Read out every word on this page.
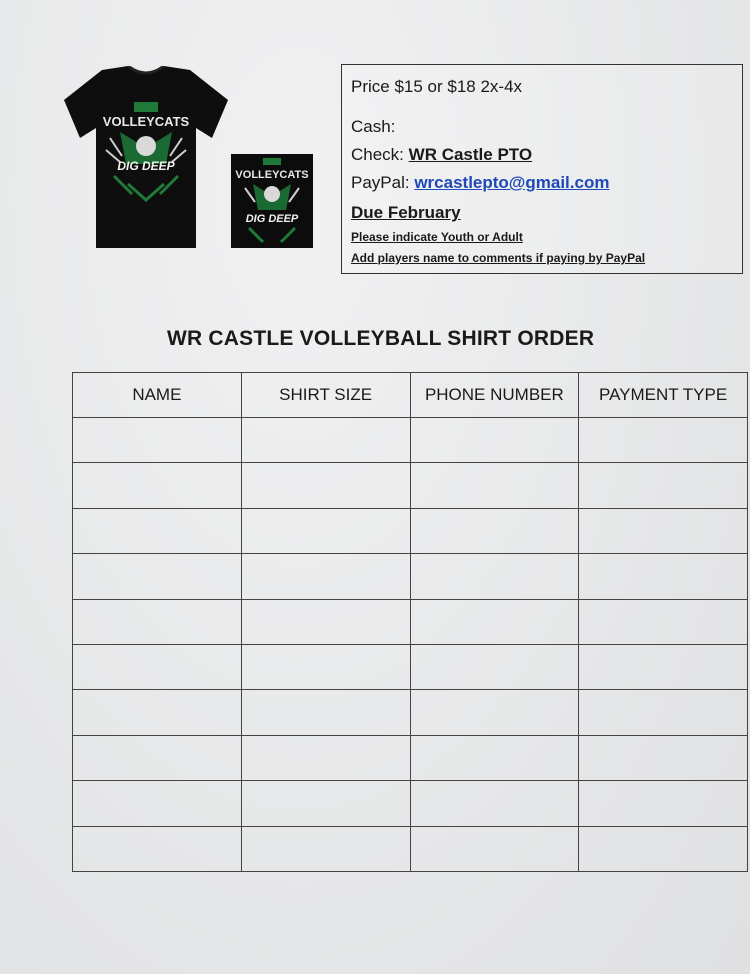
VOLLEYCATS
DIG DEEP
VOLLEYCATS
DIG DEEP
Price $15 or $18 2x-4x
Cash:
Check: WR Castle PTO
PayPal: wrcastlepto@gmail.com
Due February
Please indicate Youth or Adult
Add players name to comments if paying by PayPal
WR CASTLE VOLLEYBALL SHIRT ORDER
NAME	SHIRT SIZE	PHONE NUMBER	PAYMENT TYPE
